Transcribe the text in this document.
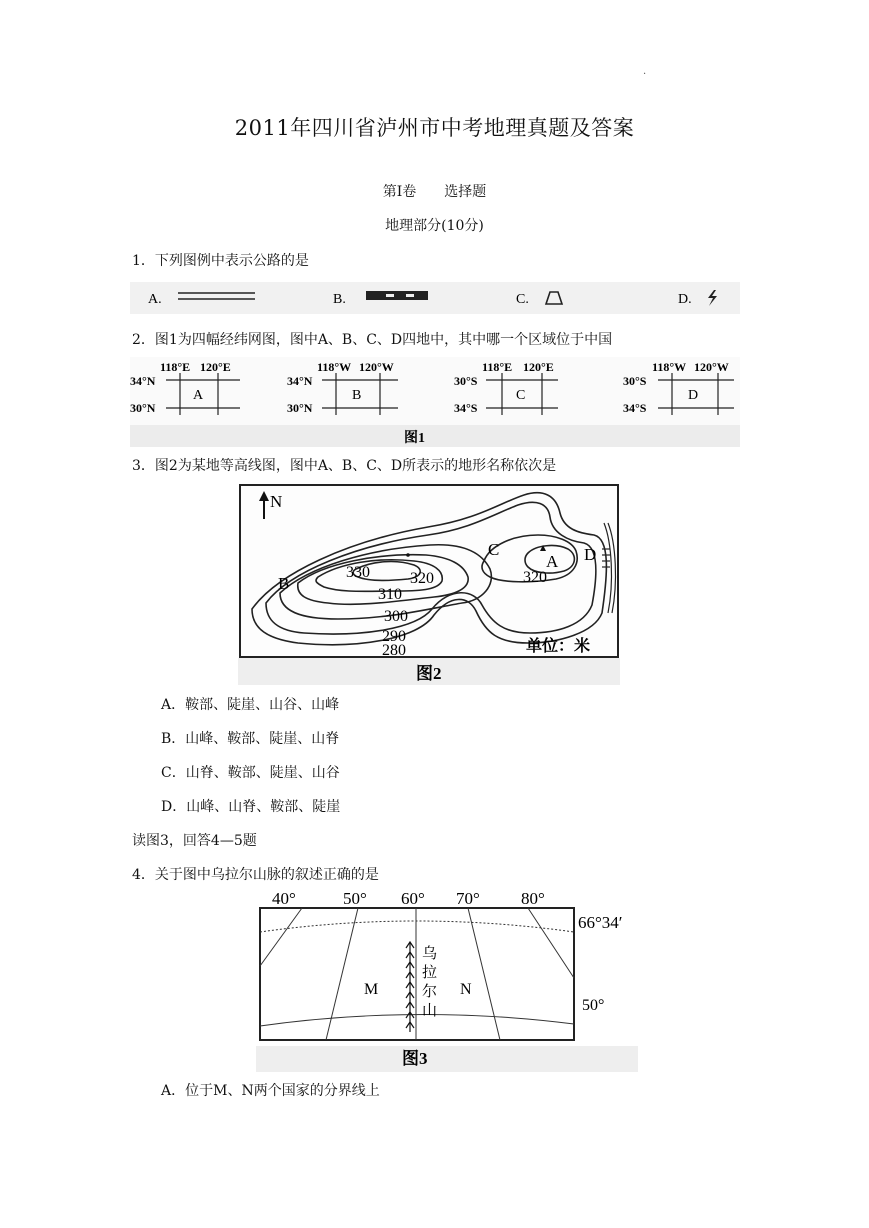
.
2011年四川省泸州市中考地理真题及答案
第Ⅰ卷　　选择题
地理部分(10分)
1．下列图例中表示公路的是
A.	B.	C.	D.
2．图1为四幅经纬网图，图中A、B、C、D四地中，其中哪一个区域位于中国
118°E 120°E
34°N
30°N
A
118°W 120°W
34°N
30°N
B
118°E 120°E
30°S
34°S
C
118°W 120°W
30°S
34°S
D
图1
3．图2为某地等高线图，图中A、B、C、D所表示的地形名称依次是
N
330	320	320
310
300
290
280
B
C
A D
单位：米
图2
A．鞍部、陡崖、山谷、山峰
B．山峰、鞍部、陡崖、山脊
C．山脊、鞍部、陡崖、山谷
D．山峰、山脊、鞍部、陡崖
读图3，回答4—5题
4．关于图中乌拉尔山脉的叙述正确的是
40°	50° 60° 70° 80°
66°34′
50°
乌
拉
尔
山
M	N
图3
A．位于M、N两个国家的分界线上
